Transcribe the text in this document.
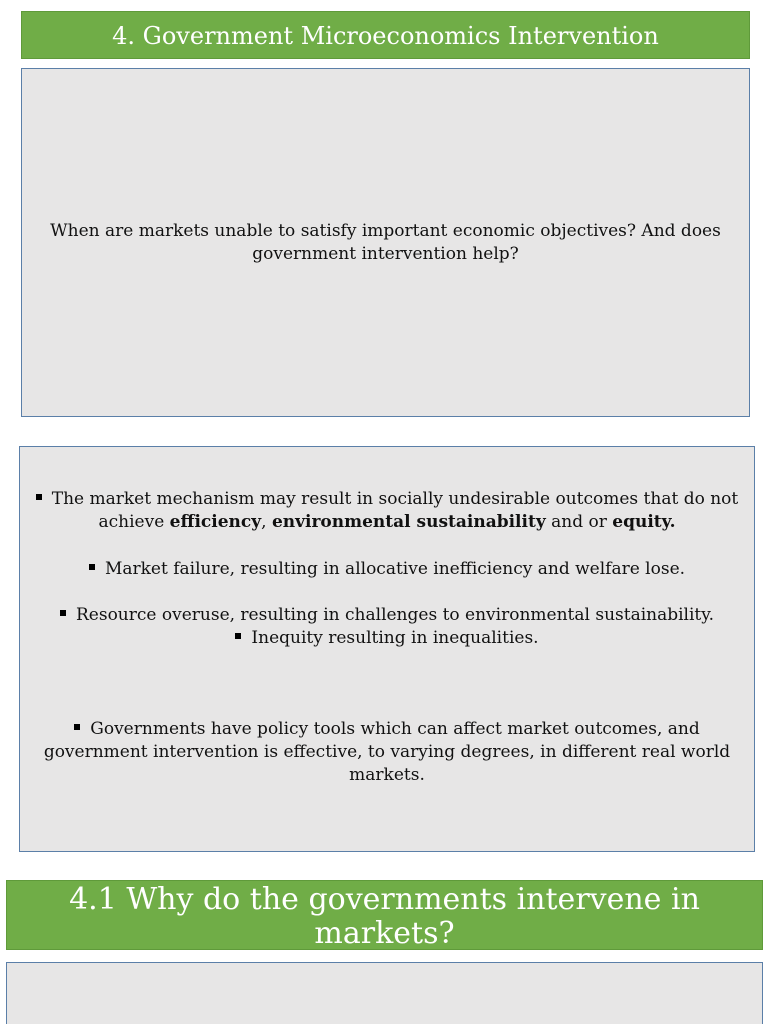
4. Government Microeconomics Intervention
When are markets unable to satisfy important economic objectives? And does government intervention help?
The market mechanism may result in socially undesirable outcomes that do not achieve efficiency, environmental sustainability and or equity.
Market failure, resulting in allocative inefficiency and welfare lose.
Resource overuse, resulting in challenges to environmental sustainability.
Inequity resulting in inequalities.
Governments have policy tools which can affect market outcomes, and government intervention is effective, to varying degrees, in different real world markets.
4.1 Why do the governments intervene in markets?
